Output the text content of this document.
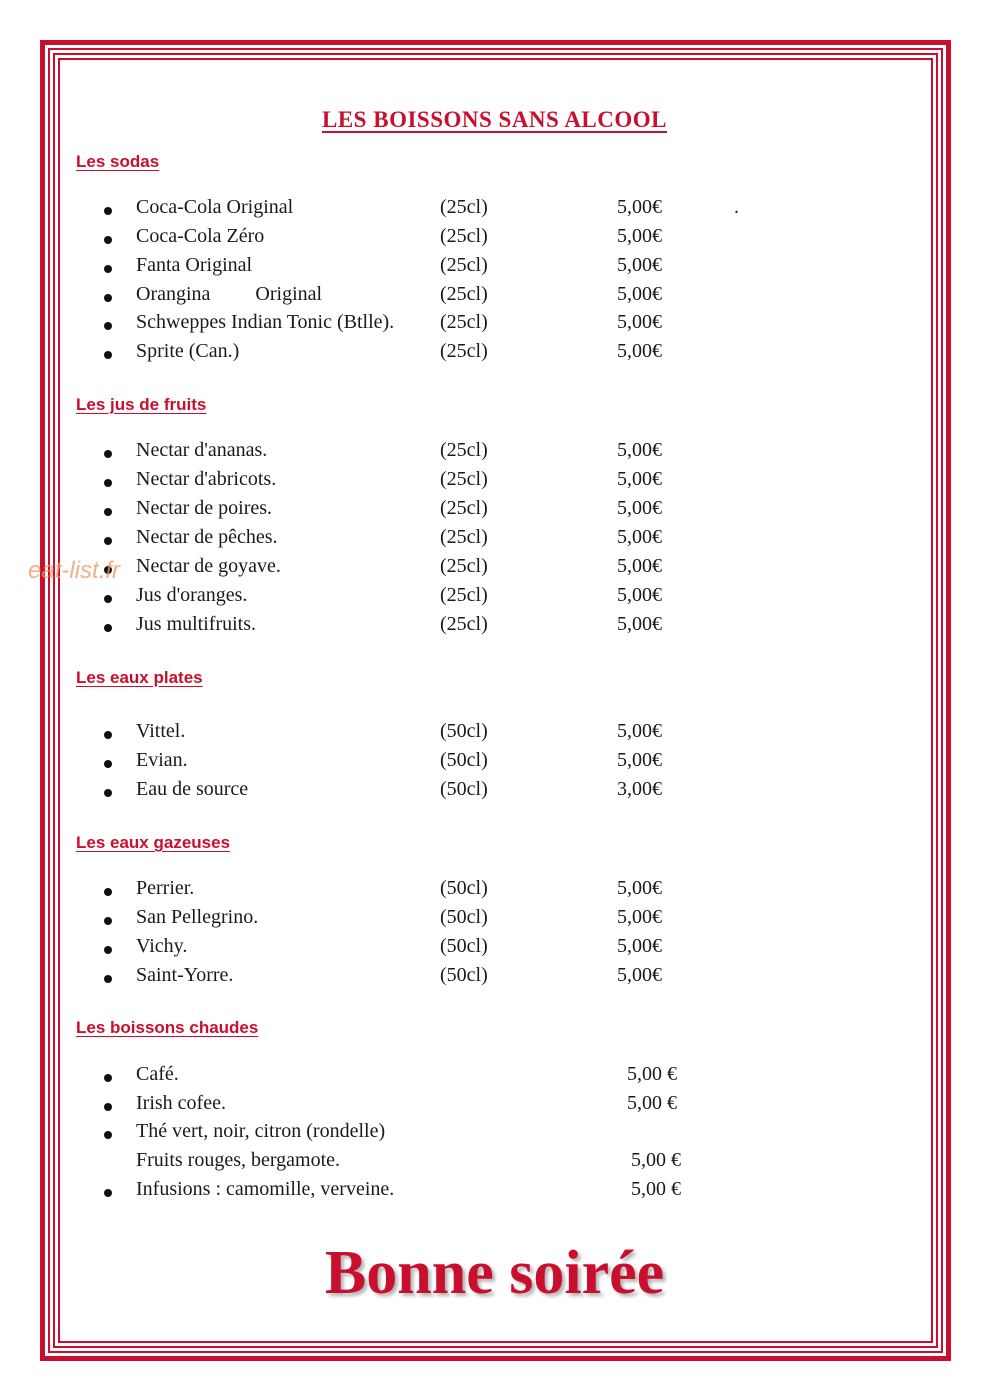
LES BOISSONS SANS ALCOOL
Les sodas
Coca-Cola Original	(25cl)	5,00€	.
Coca-Cola Zéro	(25cl)	5,00€
Fanta Original	(25cl)	5,00€
Orangina         Original	(25cl)	5,00€
Schweppes Indian Tonic (Btlle). (25cl)	5,00€
Sprite (Can.)	(25cl)	5,00€
Les jus de fruits
Nectar d'ananas.	(25cl)	5,00€
Nectar d'abricots.	(25cl)	5,00€
Nectar de poires.	(25cl)	5,00€
Nectar de pêches.	(25cl)	5,00€
Nectar de goyave.	(25cl)	5,00€
Jus d'oranges.	(25cl)	5,00€
Jus multifruits.	(25cl)	5,00€
eat-list.fr
Les eaux plates
Vittel.	(50cl)	5,00€
Evian.	(50cl)	5,00€
Eau de source	(50cl)	3,00€
Les eaux gazeuses
Perrier.	(50cl)	5,00€
San Pellegrino.	(50cl)	5,00€
Vichy.	(50cl)	5,00€
Saint-Yorre.	(50cl)	5,00€
Les boissons chaudes
Café.	5,00 €
Irish cofee.	5,00 €
Thé vert, noir, citron (rondelle)
Fruits rouges, bergamote.	5,00 €
Infusions : camomille, verveine.	5,00 €
Bonne soirée
